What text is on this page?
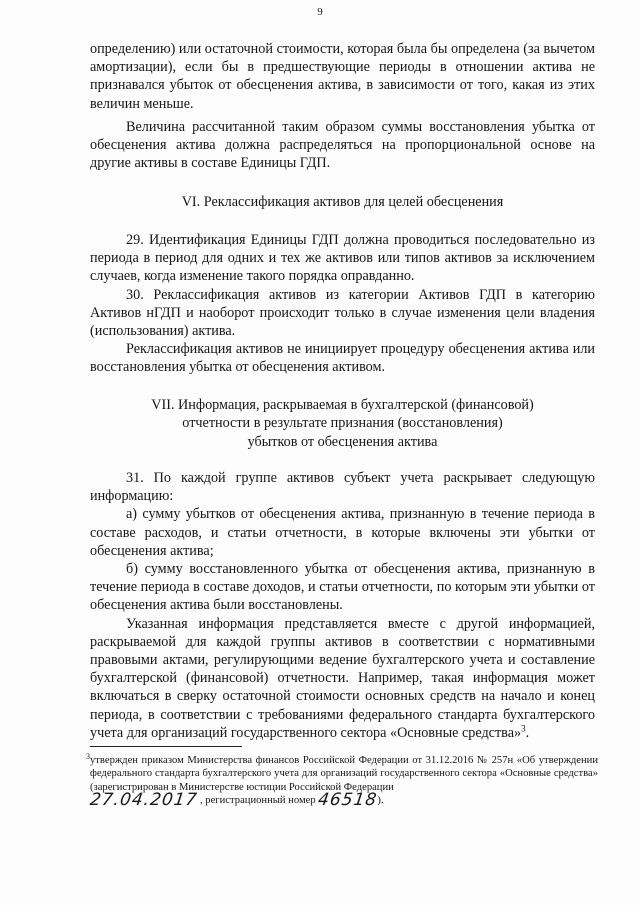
9

определению) или остаточной стоимости, которая была бы определена (за вычетом амортизации), если бы в предшествующие периоды в отношении актива не признавался убыток от обесценения актива, в зависимости от того, какая из этих величин меньше.

Величина рассчитанной таким образом суммы восстановления убытка от обесценения актива должна распределяться на пропорциональной основе на другие активы в составе Единицы ГДП.

VI. Реклассификация активов для целей обесценения

29. Идентификация Единицы ГДП должна проводиться последовательно из периода в период для одних и тех же активов или типов активов за исключением случаев, когда изменение такого порядка оправданно.

30. Реклассификация активов из категории Активов ГДП в категорию Активов нГДП и наоборот происходит только в случае изменения цели владения (использования) актива.

Реклассификация активов не инициирует процедуру обесценения актива или восстановления убытка от обесценения активом.

VII. Информация, раскрываемая в бухгалтерской (финансовой)
отчетности в результате признания (восстановления)
убытков от обесценения актива

31. По каждой группе активов субъект учета раскрывает следующую информацию:

а) сумму убытков от обесценения актива, признанную в течение периода в составе расходов, и статьи отчетности, в которые включены эти убытки от обесценения актива;

б) сумму восстановленного убытка от обесценения актива, признанную в течение периода в составе доходов, и статьи отчетности, по которым эти убытки от обесценения актива были восстановлены.

Указанная информация представляется вместе с другой информацией, раскрываемой для каждой группы активов в соответствии с нормативными правовыми актами, регулирующими ведение бухгалтерского учета и составление бухгалтерской (финансовой) отчетности. Например, такая информация может включаться в сверку остаточной стоимости основных средств на начало и конец периода, в соответствии с требованиями федерального стандарта бухгалтерского учета для организаций государственного сектора «Основные средства»$^3$.

3 утвержден приказом Министерства финансов Российской Федерации от 31.12.2016 № 257н «Об утверждении федерального стандарта бухгалтерского учета для организаций государственного сектора «Основные средства» (зарегистрирован в Министерстве юстиции Российской Федерации
27.04.2017 , регистрационный номер 46518).
